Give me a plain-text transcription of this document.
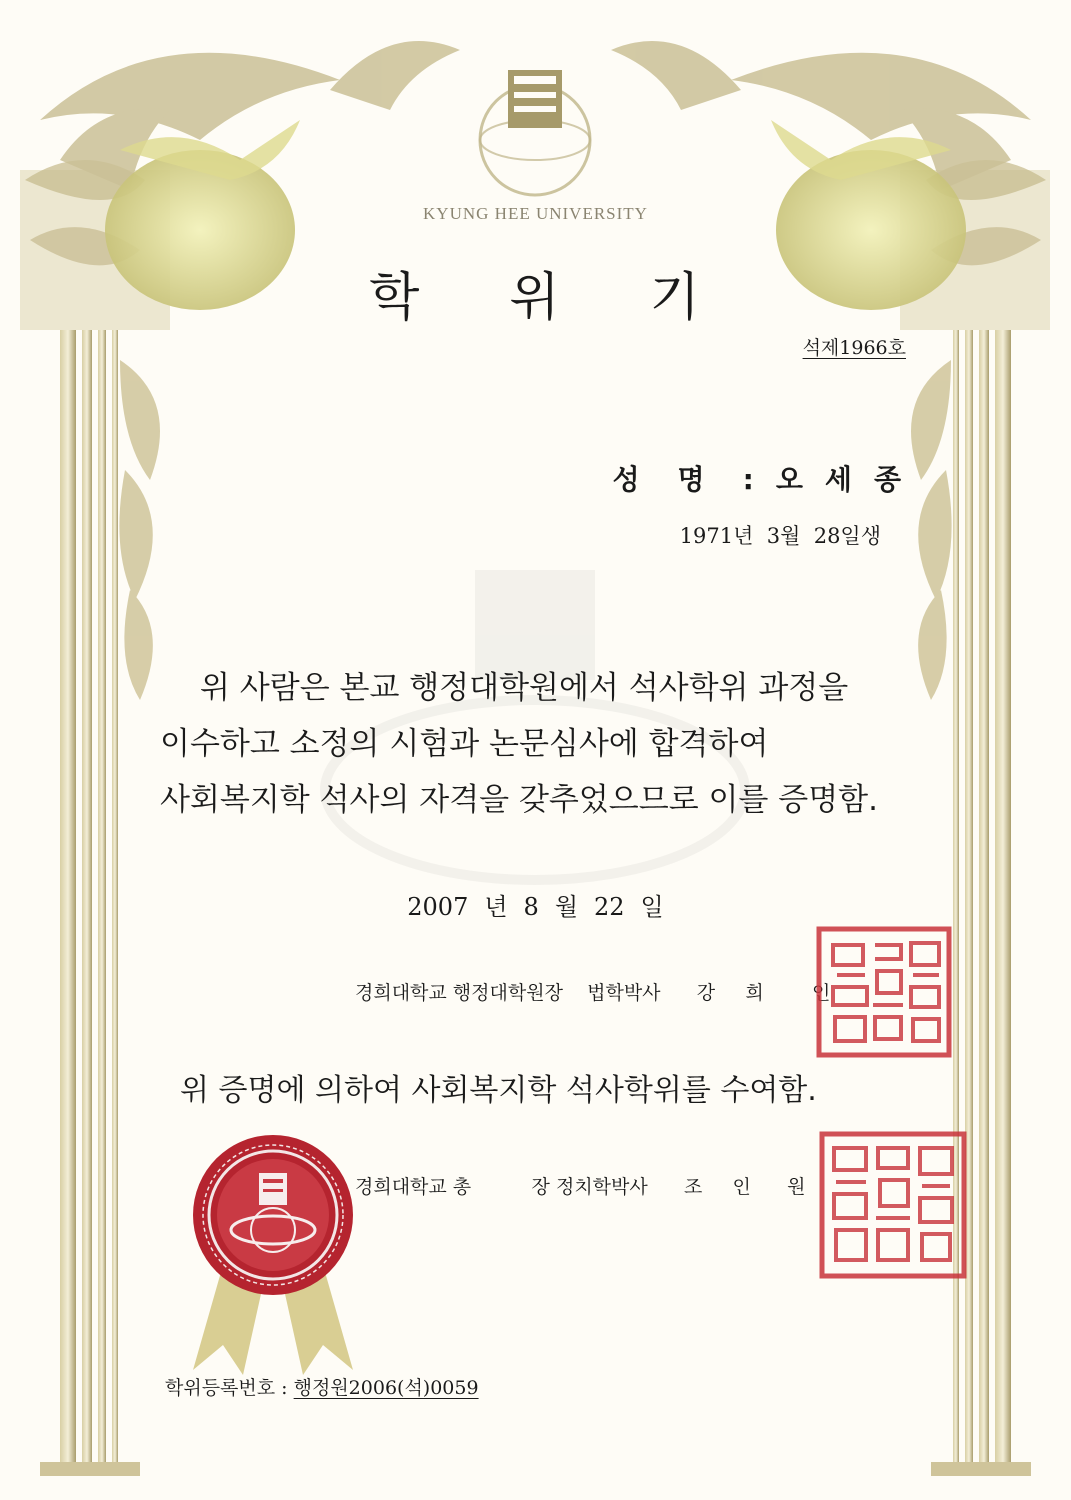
KYUNG HEE UNIVERSITY
학 위 기
석제1966호
성 명 : 오 세 종
1971년  3월  28일생
위 사람은 본교 행정대학원에서 석사학위 과정을
이수하고 소정의 시험과 논문심사에 합격하여
사회복지학 석사의 자격을 갖추었으므로 이를 증명함.
2007 년 8 월 22 일
경희대학교 행정대학원장 법학박사 강     희	인
위 증명에 의하여 사회복지학 석사학위를 수여함.
경희대학교 총          장 정치학박사 조     인 원
학위등록번호 : 행정원2006(석)0059
